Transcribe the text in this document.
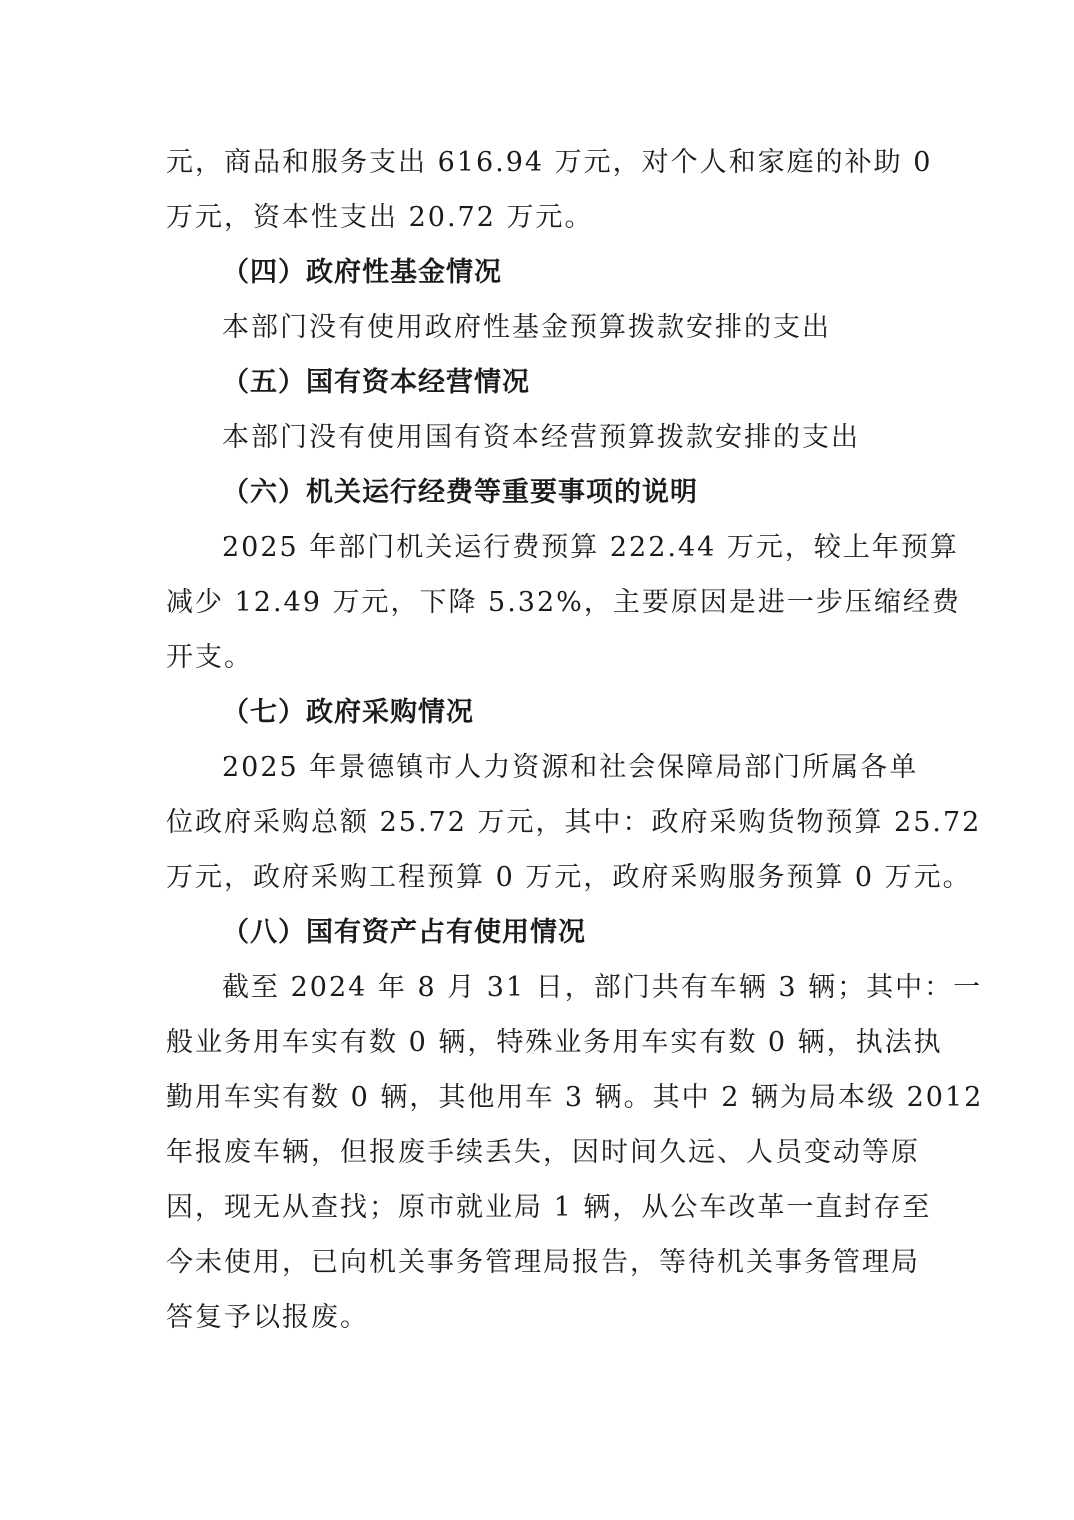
元，商品和服务支出 616.94 万元，对个人和家庭的补助 0
万元，资本性支出 20.72 万元。
（四）政府性基金情况
本部门没有使用政府性基金预算拨款安排的支出
（五）国有资本经营情况
本部门没有使用国有资本经营预算拨款安排的支出
（六）机关运行经费等重要事项的说明
2025 年部门机关运行费预算 222.44 万元，较上年预算
减少 12.49 万元，下降 5.32%，主要原因是进一步压缩经费
开支。
（七）政府采购情况
2025 年景德镇市人力资源和社会保障局部门所属各单
位政府采购总额 25.72 万元，其中：政府采购货物预算 25.72
万元，政府采购工程预算 0 万元，政府采购服务预算 0 万元。
（八）国有资产占有使用情况
截至 2024 年 8 月 31 日，部门共有车辆 3 辆；其中：一
般业务用车实有数 0 辆，特殊业务用车实有数 0 辆，执法执
勤用车实有数 0 辆，其他用车 3 辆。其中 2 辆为局本级 2012
年报废车辆，但报废手续丢失，因时间久远、人员变动等原
因，现无从查找；原市就业局 1 辆，从公车改革一直封存至
今未使用，已向机关事务管理局报告，等待机关事务管理局
答复予以报废。
